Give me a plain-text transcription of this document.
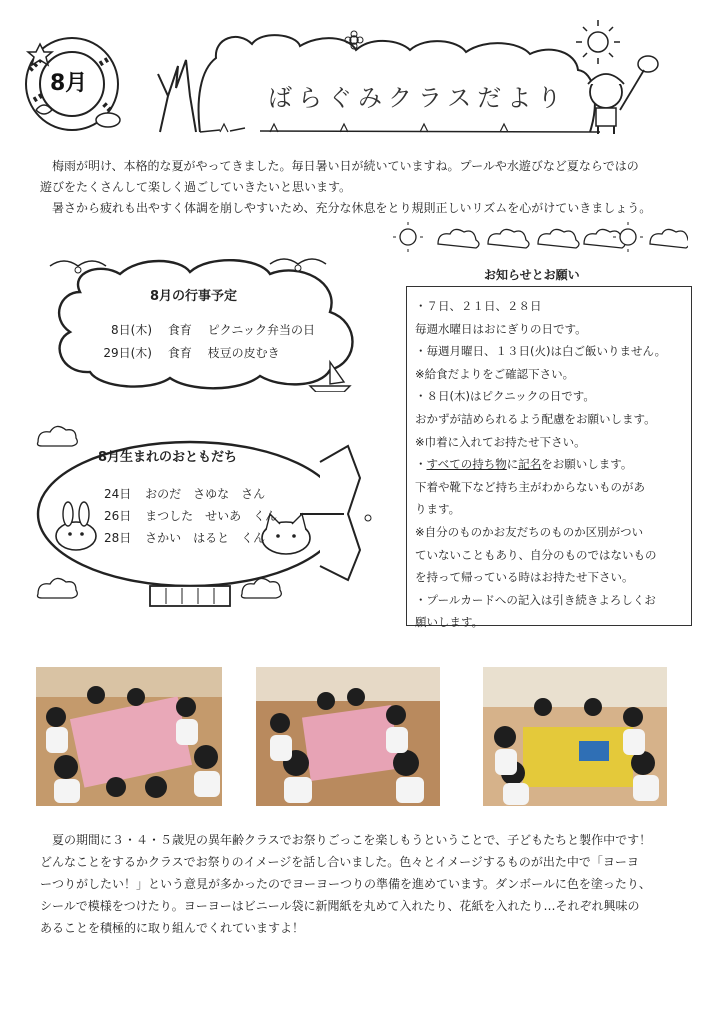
8月
ばらぐみクラスだより

梅雨が明け、本格的な夏がやってきました。毎日暑い日が続いていますね。プールや水遊びなど夏ならではの

遊びをたくさんして楽しく過ごしていきたいと思います。

暑さから疲れも出やすく体調を崩しやすいため、充分な休息をとり規則正しいリズムを心がけていきましょう。

8月の行事予定
8日(木) 食育 ピクニック弁当の日
29日(木) 食育 枝豆の皮むき
8月生まれのおともだち
24日 おのだ　さゆな　さん
26日 まつした　せいあ　くん
28日 さかい　はると　くん
お知らせとお願い

・７日、２１日、２８日

毎週水曜日はおにぎりの日です。

・毎週月曜日、１３日(火)は白ご飯いりません。

※給食だよりをご確認下さい。

・８日(木)はピクニックの日です。

おかずが詰められるよう配慮をお願いします。

※巾着に入れてお持たせ下さい。

・すべての持ち物に記名をお願いします。

下着や靴下など持ち主がわからないものがあ

ります。

※自分のものかお友だちのものか区別がつい

ていないこともあり、自分のものではないもの

を持って帰っている時はお持たせ下さい。

・プールカードへの記入は引き続きよろしくお

願いします。

夏の期間に３・４・５歳児の異年齢クラスでお祭りごっこを楽しもうということで、子どもたちと製作中です！

どんなことをするかクラスでお祭りのイメージを話し合いました。色々とイメージするものが出た中で「ヨーヨ

ーつりがしたい！」という意見が多かったのでヨーヨーつりの準備を進めています。ダンボールに色を塗ったり、

シールで模様をつけたり。ヨーヨーはビニール袋に新聞紙を丸めて入れたり、花紙を入れたり…それぞれ興味の

あることを積極的に取り組んでくれていますよ！
